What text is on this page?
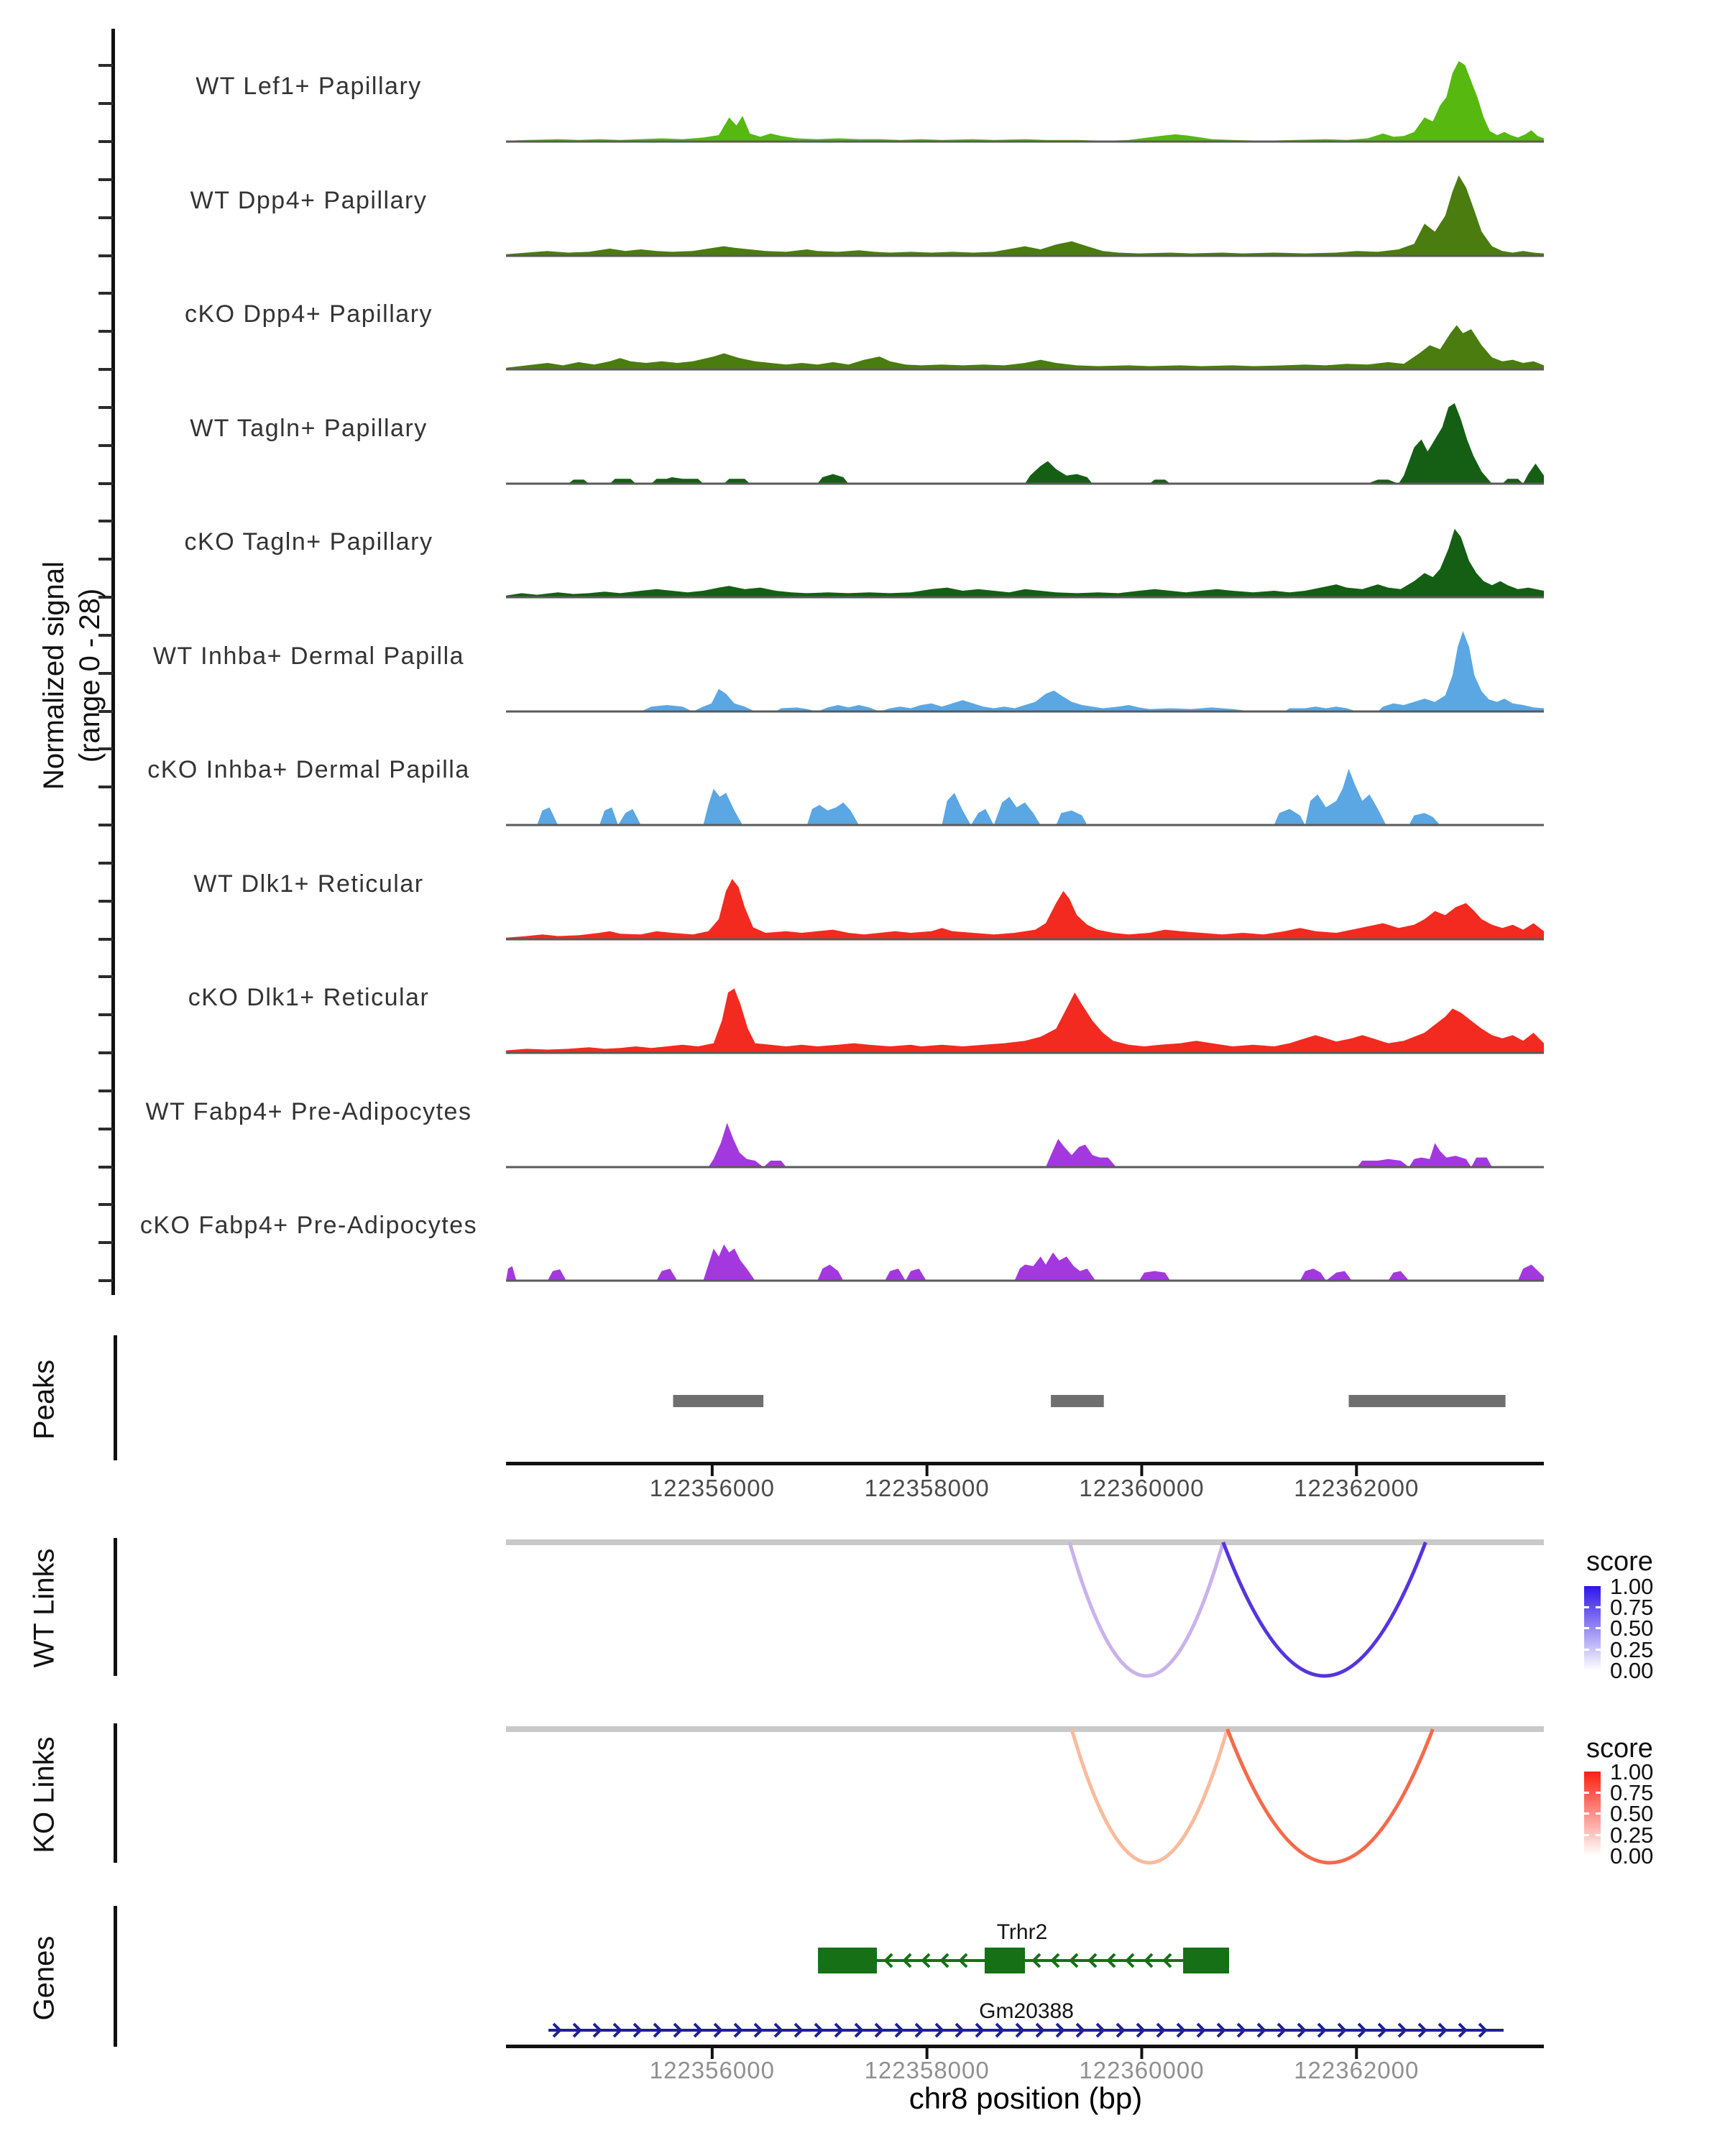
Normalized signal (range 0 - 28)
Peaks
WT Links
KO Links
Genes
score
score
Trhr2
Gm20388
chr8 position (bp)
WT Lef1+ Papillary
WT Dpp4+ Papillary
cKO Dpp4+ Papillary
WT Tagln+ Papillary
cKO Tagln+ Papillary
WT Inhba+ Dermal Papilla
cKO Inhba+ Dermal Papilla
WT Dlk1+ Reticular
cKO Dlk1+ Reticular
WT Fabp4+ Pre-Adipocytes
cKO Fabp4+ Pre-Adipocytes
122356000	122358000	122360000	122362000
122356000	122358000	122360000	122362000
1.00
0.75
0.50
0.25
0.00
1.00
0.75
0.50
0.25
0.00
